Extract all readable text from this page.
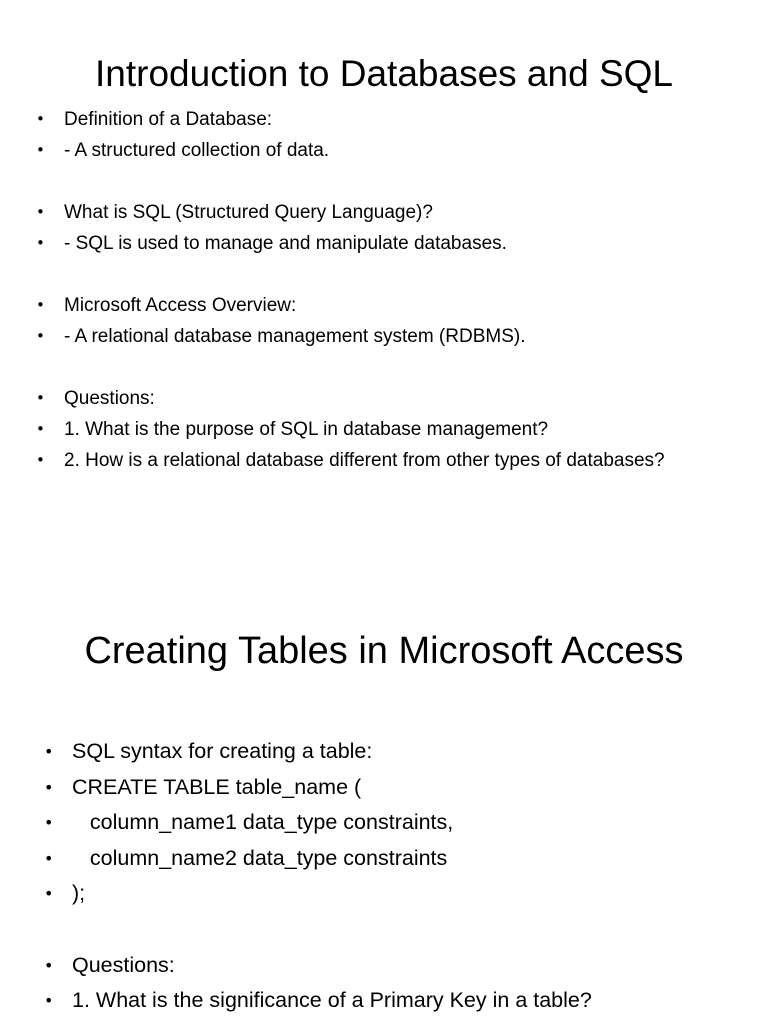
Introduction to Databases and SQL
• Definition of a Database:
• - A structured collection of data.
• What is SQL (Structured Query Language)?
• - SQL is used to manage and manipulate databases.
• Microsoft Access Overview:
• - A relational database management system (RDBMS).
• Questions:
• 1. What is the purpose of SQL in database management?
• 2. How is a relational database different from other types of databases?
Creating Tables in Microsoft Access
• SQL syntax for creating a table:
• CREATE TABLE table_name (
• column_name1 data_type constraints,
• column_name2 data_type constraints
• );
• Questions:
• 1. What is the significance of a Primary Key in a table?
